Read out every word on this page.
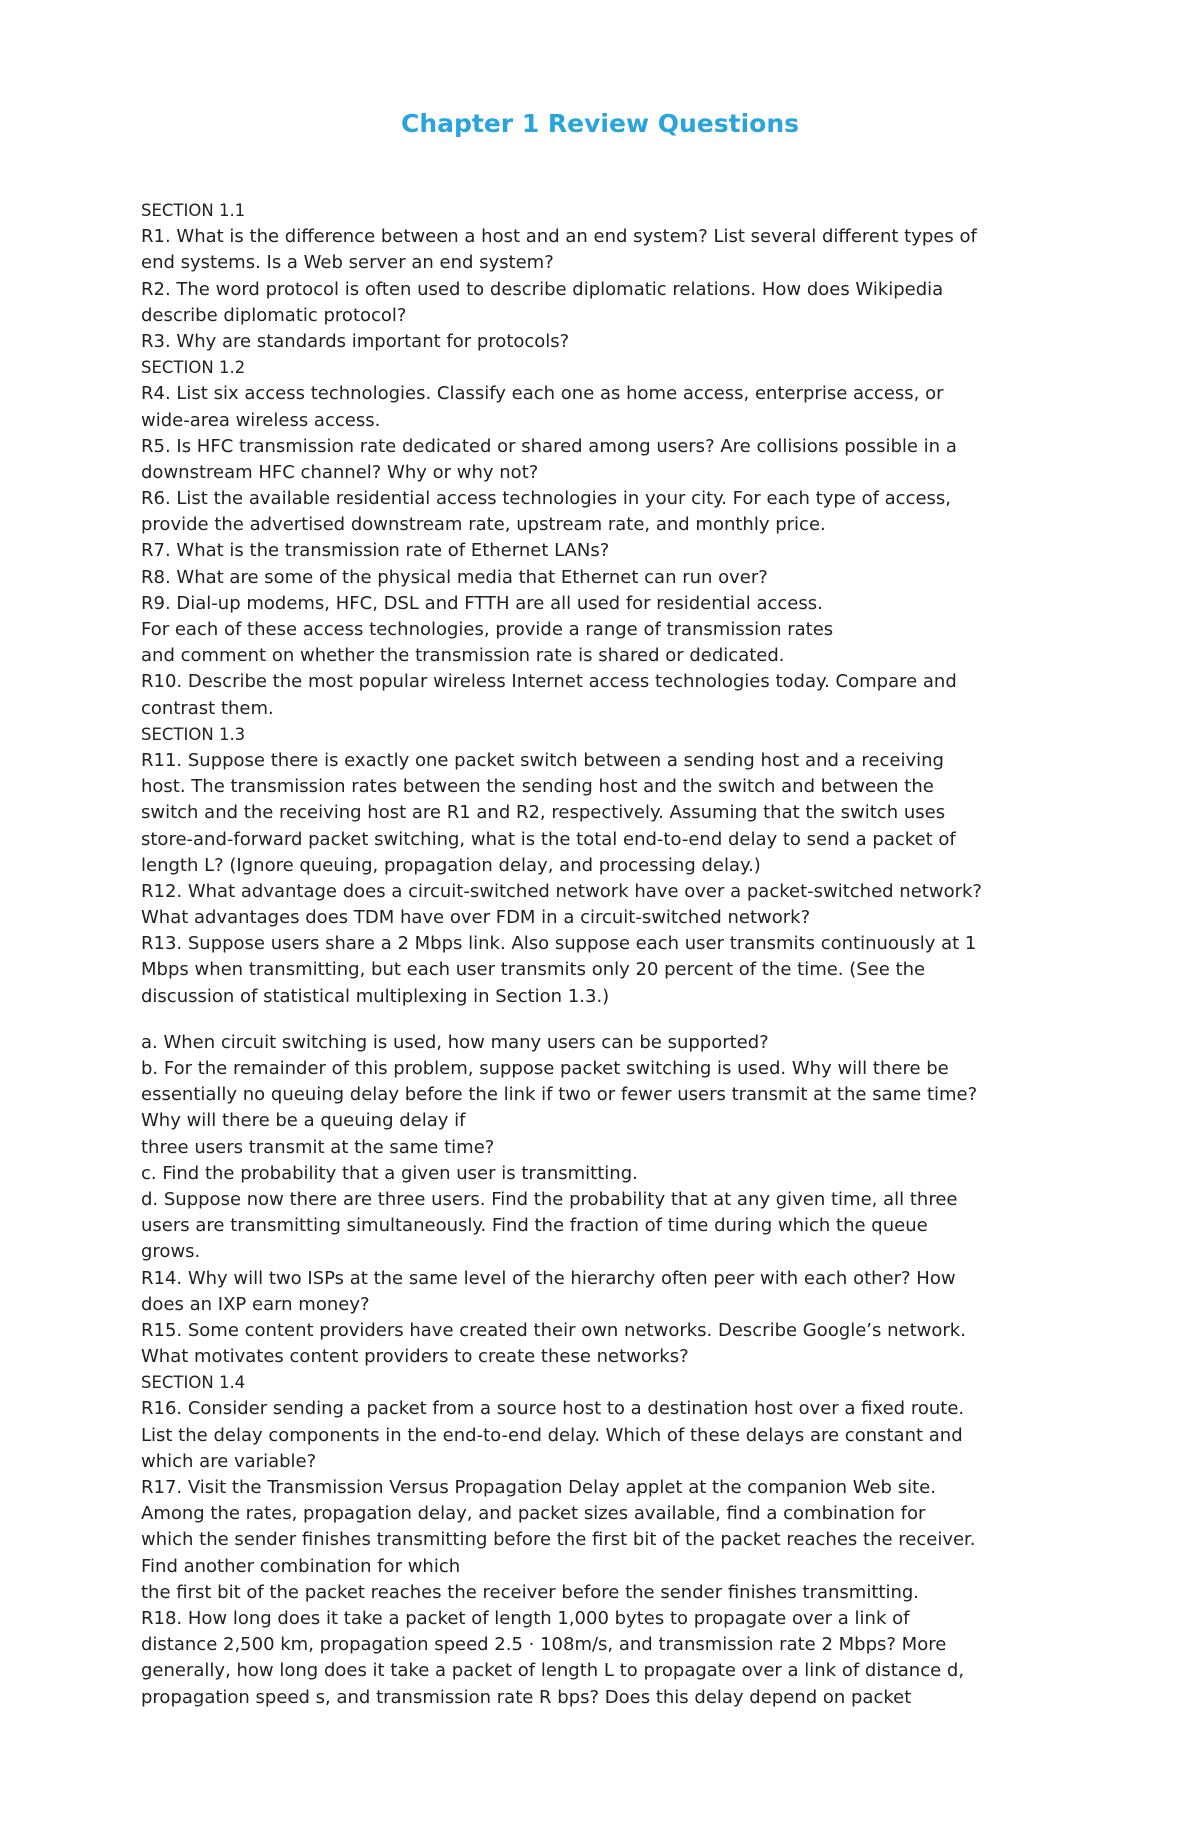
Chapter 1 Review Questions
SECTION 1.1
R1. What is the difference between a host and an end system? List several different types of
end systems. Is a Web server an end system?
R2. The word protocol is often used to describe diplomatic relations. How does Wikipedia
describe diplomatic protocol?
R3. Why are standards important for protocols?
SECTION 1.2
R4. List six access technologies. Classify each one as home access, enterprise access, or
wide-area wireless access.
R5. Is HFC transmission rate dedicated or shared among users? Are collisions possible in a
downstream HFC channel? Why or why not?
R6. List the available residential access technologies in your city. For each type of access,
provide the advertised downstream rate, upstream rate, and monthly price.
R7. What is the transmission rate of Ethernet LANs?
R8. What are some of the physical media that Ethernet can run over?
R9. Dial-up modems, HFC, DSL and FTTH are all used for residential access.
For each of these access technologies, provide a range of transmission rates
and comment on whether the transmission rate is shared or dedicated.
R10. Describe the most popular wireless Internet access technologies today. Compare and
contrast them.
SECTION 1.3
R11. Suppose there is exactly one packet switch between a sending host and a receiving
host. The transmission rates between the sending host and the switch and between the
switch and the receiving host are R1 and R2, respectively. Assuming that the switch uses
store-and-forward packet switching, what is the total end-to-end delay to send a packet of
length L? (Ignore queuing, propagation delay, and processing delay.)
R12. What advantage does a circuit-switched network have over a packet-switched network?
What advantages does TDM have over FDM in a circuit-switched network?
R13. Suppose users share a 2 Mbps link. Also suppose each user transmits continuously at 1
Mbps when transmitting, but each user transmits only 20 percent of the time. (See the
discussion of statistical multiplexing in Section 1.3.)
a. When circuit switching is used, how many users can be supported?
b. For the remainder of this problem, suppose packet switching is used. Why will there be
essentially no queuing delay before the link if two or fewer users transmit at the same time?
Why will there be a queuing delay if
three users transmit at the same time?
c. Find the probability that a given user is transmitting.
d. Suppose now there are three users. Find the probability that at any given time, all three
users are transmitting simultaneously. Find the fraction of time during which the queue
grows.
R14. Why will two ISPs at the same level of the hierarchy often peer with each other? How
does an IXP earn money?
R15. Some content providers have created their own networks. Describe Google’s network.
What motivates content providers to create these networks?
SECTION 1.4
R16. Consider sending a packet from a source host to a destination host over a fixed route.
List the delay components in the end-to-end delay. Which of these delays are constant and
which are variable?
R17. Visit the Transmission Versus Propagation Delay applet at the companion Web site.
Among the rates, propagation delay, and packet sizes available, find a combination for
which the sender finishes transmitting before the first bit of the packet reaches the receiver.
Find another combination for which
the first bit of the packet reaches the receiver before the sender finishes transmitting.
R18. How long does it take a packet of length 1,000 bytes to propagate over a link of
distance 2,500 km, propagation speed 2.5 · 108m/s, and transmission rate 2 Mbps? More
generally, how long does it take a packet of length L to propagate over a link of distance d,
propagation speed s, and transmission rate R bps? Does this delay depend on packet
